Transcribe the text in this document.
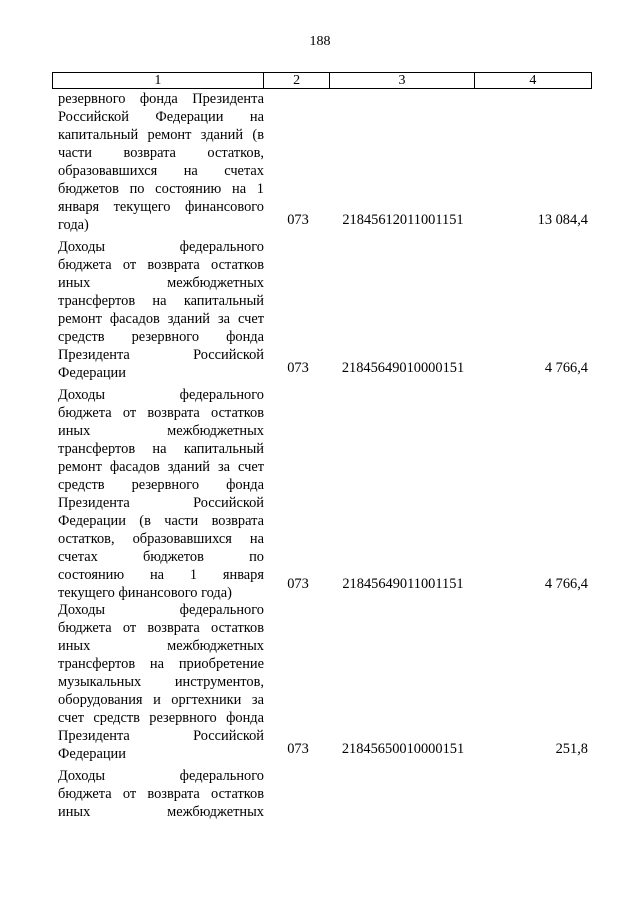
188
1	2	3	4
резервного фонда Президента
Российской Федерации на
капитальный ремонт зданий (в
части возврата остатков,
образовавшихся на счетах
бюджетов по состоянию на 1
января текущего финансового
года)	073	21845612011001151	13 084,4
Доходы федерального
бюджета от возврата остатков
иных межбюджетных
трансфертов на капитальный
ремонт фасадов зданий за счет
средств резервного фонда
Президента Российской
Федерации	073	21845649010000151	4 766,4
Доходы федерального
бюджета от возврата остатков
иных межбюджетных
трансфертов на капитальный
ремонт фасадов зданий за счет
средств резервного фонда
Президента Российской
Федерации (в части возврата
остатков, образовавшихся на
счетах бюджетов по
состоянию на 1 января
текущего финансового года)
073	21845649011001151	4 766,4
Доходы федерального
бюджета от возврата остатков
иных межбюджетных
трансфертов на приобретение
музыкальных инструментов,
оборудования и оргтехники за
счет средств резервного фонда
Президента Российской
Федерации	073	21845650010000151	251,8
Доходы федерального
бюджета от возврата остатков
иных межбюджетных
